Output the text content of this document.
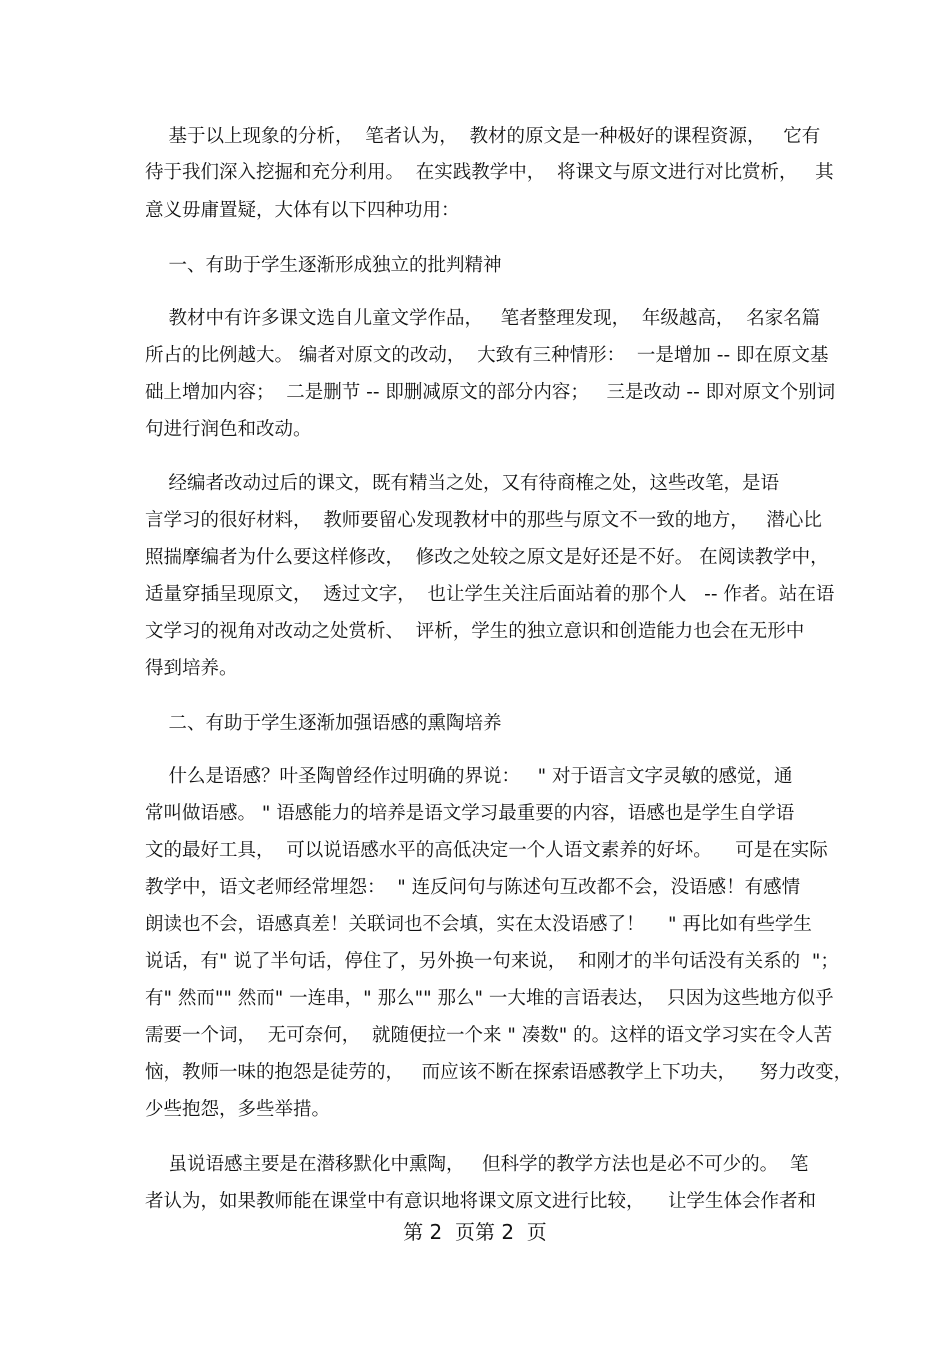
基于以上现象的分析，  笔者认为，  教材的原文是一种极好的课程资源，   它有
待于我们深入挖掘和充分利用。  在实践教学中，  将课文与原文进行对比赏析，   其
意义毋庸置疑，大体有以下四种功用：
一、有助于学生逐渐形成独立的批判精神
教材中有许多课文选自儿童文学作品，   笔者整理发现，  年级越高，  名家名篇
所占的比例越大。 编者对原文的改动，  大致有三种情形：  一是增加 -- 即在原文基
础上增加内容；  二是删节 -- 即删减原文的部分内容；   三是改动 -- 即对原文个别词
句进行润色和改动。
经编者改动过后的课文，既有精当之处，又有待商榷之处，这些改笔，是语
言学习的很好材料，  教师要留心发现教材中的那些与原文不一致的地方，   潜心比
照揣摩编者为什么要这样修改，  修改之处较之原文是好还是不好。 在阅读教学中，
适量穿插呈现原文，  透过文字，  也让学生关注后面站着的那个人   -- 作者。站在语
文学习的视角对改动之处赏析、  评析，学生的独立意识和创造能力也会在无形中
得到培养。
二、有助于学生逐渐加强语感的熏陶培养
什么是语感？叶圣陶曾经作过明确的界说：   " 对于语言文字灵敏的感觉，通
常叫做语感。 " 语感能力的培养是语文学习最重要的内容，语感也是学生自学语
文的最好工具，  可以说语感水平的高低决定一个人语文素养的好坏。    可是在实际
教学中，语文老师经常埋怨：  " 连反问句与陈述句互改都不会，没语感！有感情
朗读也不会，语感真差！关联词也不会填，实在太没语感了！    " 再比如有些学生
说话，有" 说了半句话，停住了，另外换一句来说，  和刚才的半句话没有关系的  "；
有" 然而"" 然而" 一连串，" 那么"" 那么" 一大堆的言语表达，  只因为这些地方似乎
需要一个词，  无可奈何，  就随便拉一个来 " 凑数" 的。这样的语文学习实在令人苦
恼，教师一味的抱怨是徒劳的，   而应该不断在探索语感教学上下功夫，    努力改变，
少些抱怨，多些举措。
虽说语感主要是在潜移默化中熏陶，   但科学的教学方法也是必不可少的。  笔
者认为，如果教师能在课堂中有意识地将课文原文进行比较，    让学生体会作者和
第 2  页第 2  页
